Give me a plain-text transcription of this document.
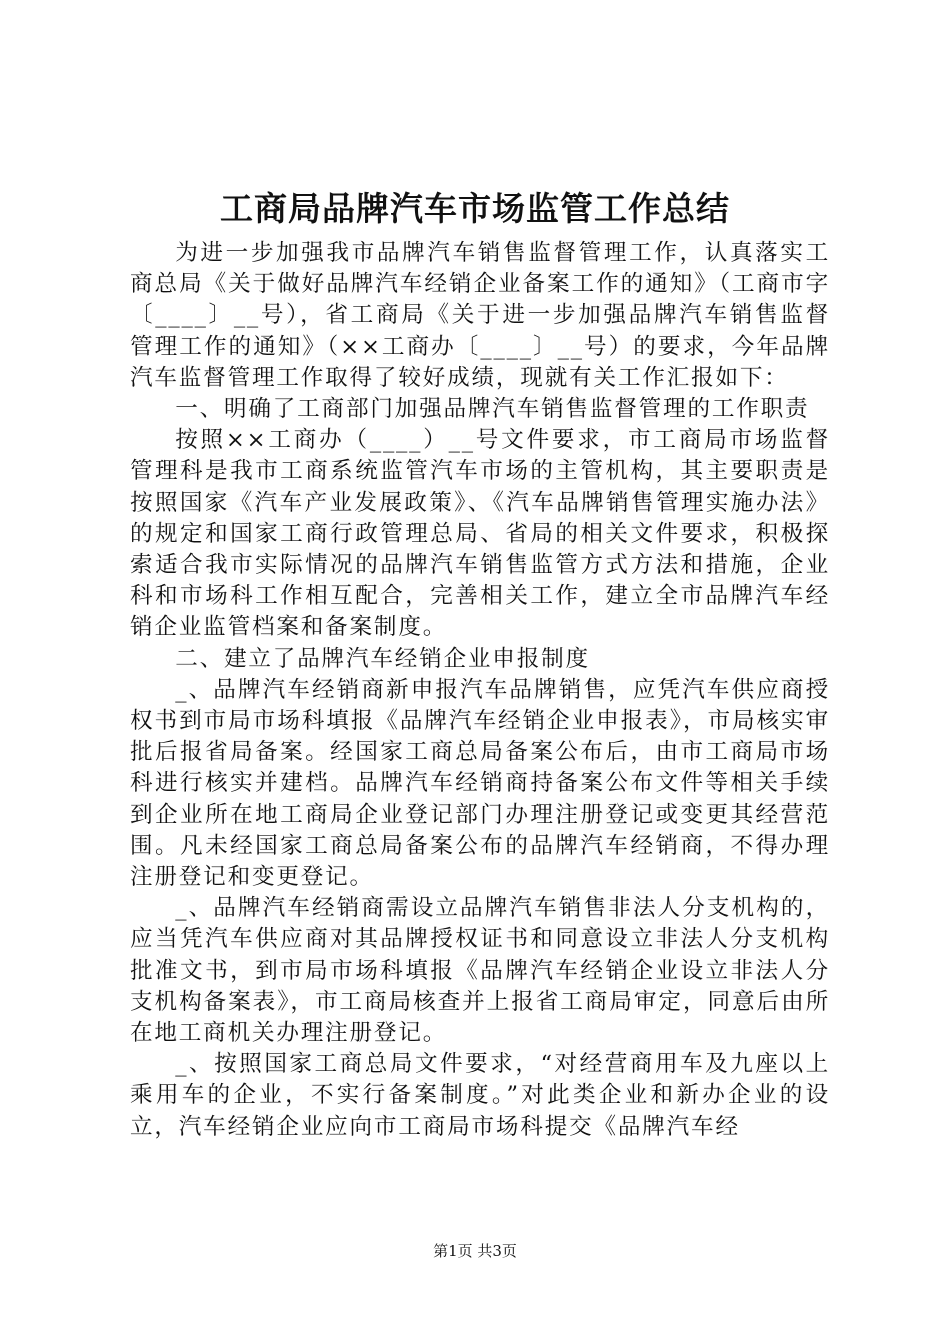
工商局品牌汽车市场监管工作总结

为进一步加强我市品牌汽车销售监督管理工作，认真落实工商总局《关于做好品牌汽车经销企业备案工作的通知》（工商市字〔____〕__号），省工商局《关于进一步加强品牌汽车销售监督管理工作的通知》（××工商办〔____〕__号）的要求，今年品牌汽车监督管理工作取得了较好成绩，现就有关工作汇报如下：

一、明确了工商部门加强品牌汽车销售监督管理的工作职责

按照××工商办（____）__号文件要求，市工商局市场监督管理科是我市工商系统监管汽车市场的主管机构，其主要职责是按照国家《汽车产业发展政策》、《汽车品牌销售管理实施办法》的规定和国家工商行政管理总局、省局的相关文件要求，积极探索适合我市实际情况的品牌汽车销售监管方式方法和措施，企业科和市场科工作相互配合，完善相关工作，建立全市品牌汽车经销企业监管档案和备案制度。

二、建立了品牌汽车经销企业申报制度

_、品牌汽车经销商新申报汽车品牌销售，应凭汽车供应商授权书到市局市场科填报《品牌汽车经销企业申报表》，市局核实审批后报省局备案。经国家工商总局备案公布后，由市工商局市场科进行核实并建档。品牌汽车经销商持备案公布文件等相关手续到企业所在地工商局企业登记部门办理注册登记或变更其经营范围。凡未经国家工商总局备案公布的品牌汽车经销商，不得办理注册登记和变更登记。

_、品牌汽车经销商需设立品牌汽车销售非法人分支机构的，应当凭汽车供应商对其品牌授权证书和同意设立非法人分支机构批准文书，到市局市场科填报《品牌汽车经销企业设立非法人分支机构备案表》，市工商局核查并上报省工商局审定，同意后由所在地工商机关办理注册登记。

_、按照国家工商总局文件要求，“对经营商用车及九座以上乘用车的企业，不实行备案制度。”对此类企业和新办企业的设立，汽车经销企业应向市工商局市场科提交《品牌汽车经

第1页 共3页
